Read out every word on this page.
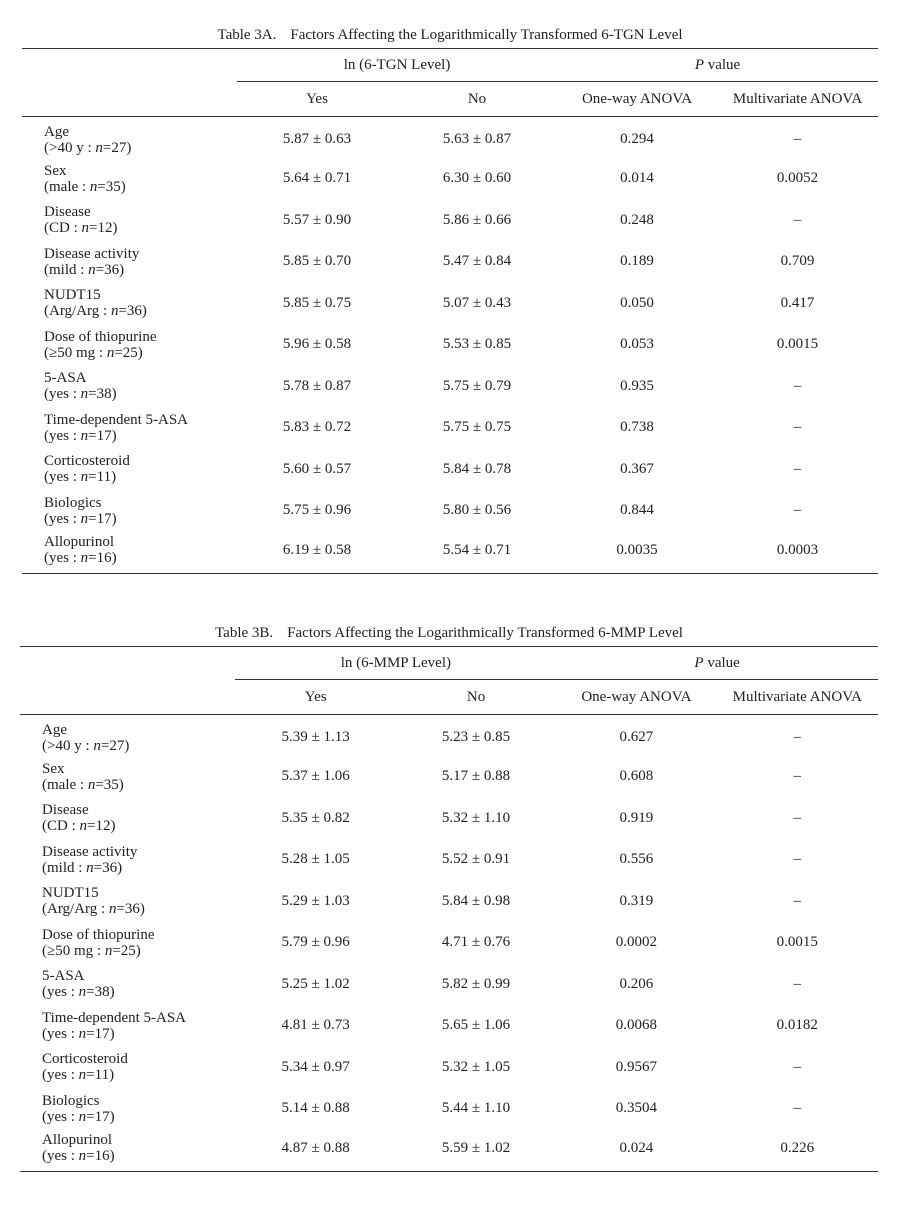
Table 3A. Factors Affecting the Logarithmically Transformed 6-TGN Level
	ln (6-TGN Level)		P value	
	Yes	No	One-way ANOVA	Multivariate ANOVA

Age
(>40 y : n=27)	5.87 ± 0.63	5.63 ± 0.87	0.294	–

Sex
(male : n=35)	5.64 ± 0.71	6.30 ± 0.60	0.014	0.0052

Disease
(CD : n=12)	5.57 ± 0.90	5.86 ± 0.66	0.248	–

Disease activity
(mild : n=36)	5.85 ± 0.70	5.47 ± 0.84	0.189	0.709

NUDT15
(Arg/Arg : n=36)	5.85 ± 0.75	5.07 ± 0.43	0.050	0.417

Dose of thiopurine
(≥50 mg : n=25)	5.96 ± 0.58	5.53 ± 0.85	0.053	0.0015

5-ASA
(yes : n=38)	5.78 ± 0.87	5.75 ± 0.79	0.935	–

Time-dependent 5-ASA
(yes : n=17)	5.83 ± 0.72	5.75 ± 0.75	0.738	–

Corticosteroid
(yes : n=11)	5.60 ± 0.57	5.84 ± 0.78	0.367	–

Biologics
(yes : n=17)	5.75 ± 0.96	5.80 ± 0.56	0.844	–

Allopurinol
(yes : n=16)	6.19 ± 0.58	5.54 ± 0.71	0.0035	0.0003
Table 3B. Factors Affecting the Logarithmically Transformed 6-MMP Level
	ln (6-MMP Level)		P value	
	Yes	No	One-way ANOVA	Multivariate ANOVA

Age
(>40 y : n=27)	5.39 ± 1.13	5.23 ± 0.85	0.627	–

Sex
(male : n=35)	5.37 ± 1.06	5.17 ± 0.88	0.608	–

Disease
(CD : n=12)	5.35 ± 0.82	5.32 ± 1.10	0.919	–

Disease activity
(mild : n=36)	5.28 ± 1.05	5.52 ± 0.91	0.556	–

NUDT15
(Arg/Arg : n=36)	5.29 ± 1.03	5.84 ± 0.98	0.319	–

Dose of thiopurine
(≥50 mg : n=25)	5.79 ± 0.96	4.71 ± 0.76	0.0002	0.0015

5-ASA
(yes : n=38)	5.25 ± 1.02	5.82 ± 0.99	0.206	–

Time-dependent 5-ASA
(yes : n=17)	4.81 ± 0.73	5.65 ± 1.06	0.0068	0.0182

Corticosteroid
(yes : n=11)	5.34 ± 0.97	5.32 ± 1.05	0.9567	–

Biologics
(yes : n=17)	5.14 ± 0.88	5.44 ± 1.10	0.3504	–

Allopurinol
(yes : n=16)	4.87 ± 0.88	5.59 ± 1.02	0.024	0.226
